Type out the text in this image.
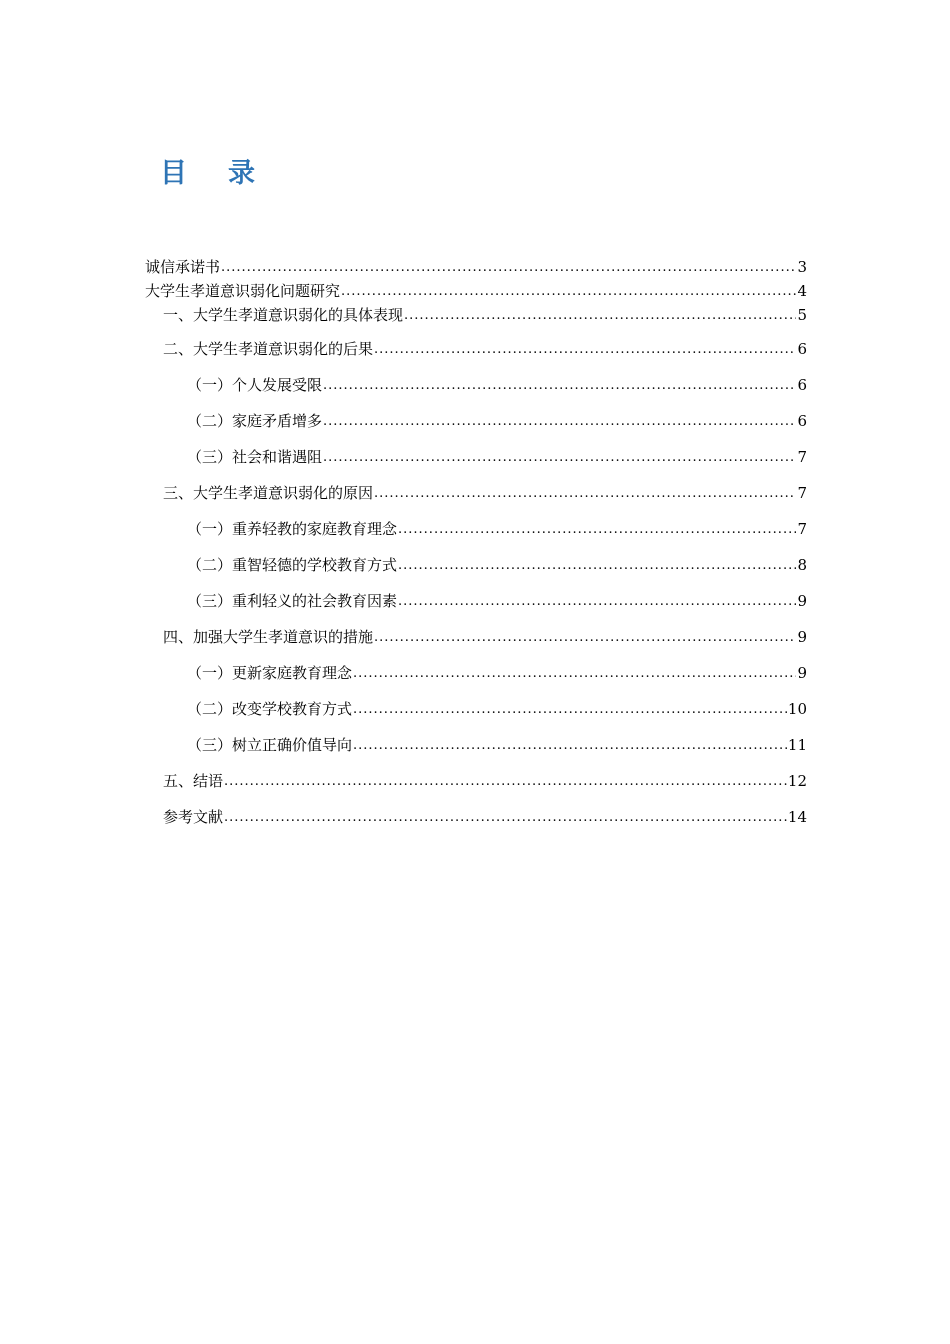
目录
诚信承诺书 .....	3
大学生孝道意识弱化问题研究 .....	4
一、大学生孝道意识弱化的具体表现 .....	5
二、大学生孝道意识弱化的后果 .....	6
（一）个人发展受限 .....	6
（二）家庭矛盾增多 .....	6
（三）社会和谐遇阻 .....	7
三、大学生孝道意识弱化的原因 .....	7
（一）重养轻教的家庭教育理念 .....	7
（二）重智轻德的学校教育方式 .....	8
（三）重利轻义的社会教育因素 .....	9
四、加强大学生孝道意识的措施 .....	9
（一）更新家庭教育理念 .....	9
（二）改变学校教育方式 .....	10
（三）树立正确价值导向 .....	11
五、结语 .....	12
参考文献 .....	14
